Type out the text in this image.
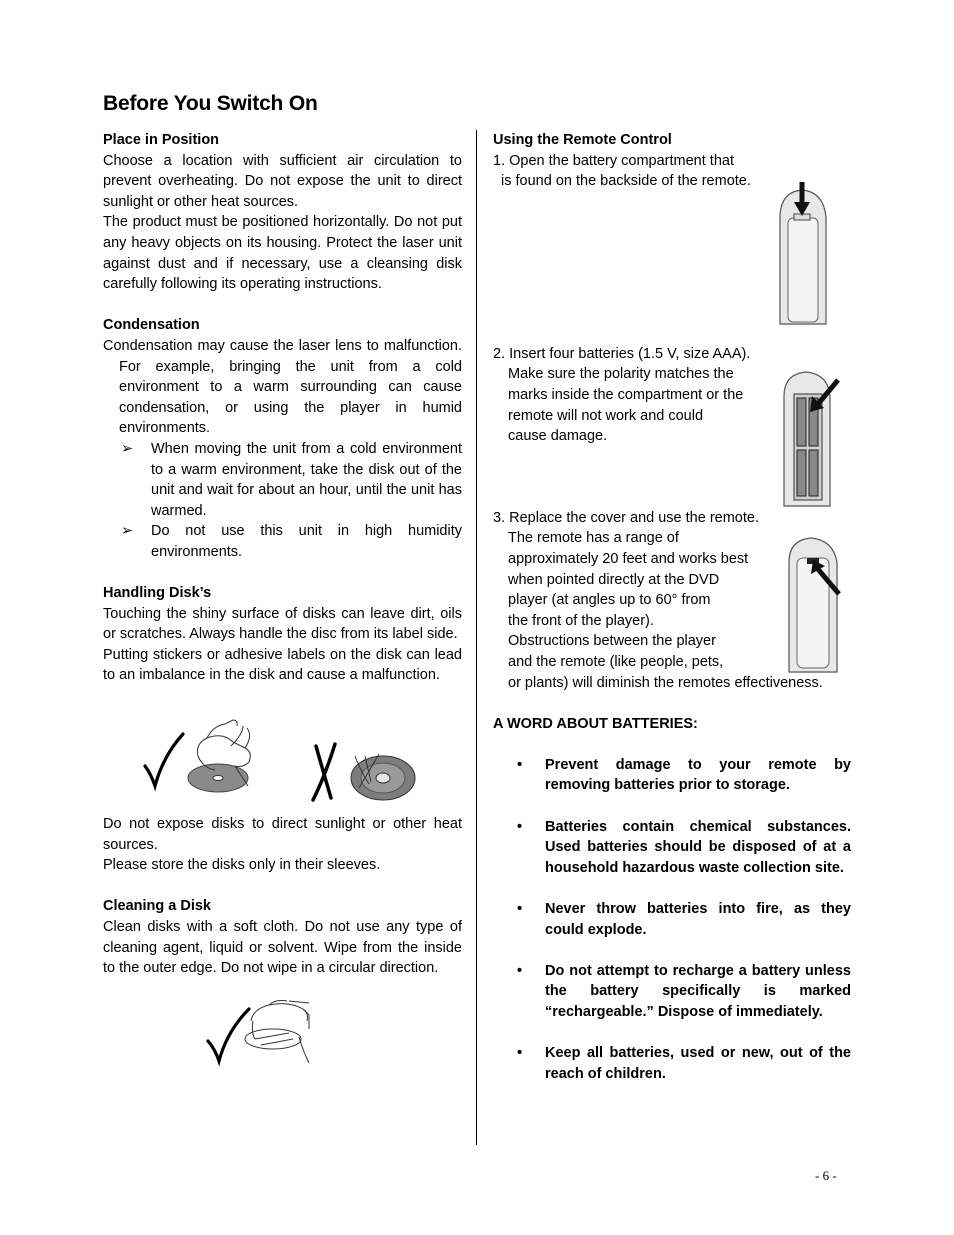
Before You Switch On

Place in Position

Choose a location with sufficient air circulation to prevent overheating. Do not expose the unit to direct sunlight or other heat sources.

The product must be positioned horizontally. Do not put any heavy objects on its housing. Protect the laser unit against dust and if necessary, use a cleansing disk carefully following its operating instructions.

Condensation

Condensation may cause the laser lens to malfunction. For example, bringing the unit from a cold environment to a warm surrounding can cause condensation, or using the player in humid environments.

➢	When moving the unit from a cold environment to a warm environment, take the disk out of the unit and wait for about an hour, until the unit has warmed.
➢	Do not use this unit in high humidity environments.

Handling Disk’s

Touching the shiny surface of disks can leave dirt, oils or scratches. Always handle the disc from its label side.

Putting stickers or adhesive labels on the disk can lead to an imbalance in the disk and cause a malfunction.

Do not expose disks to direct sunlight or other heat sources.

Please store the disks only in their sleeves.

Cleaning a Disk

Clean disks with a soft cloth. Do not use any type of cleaning agent, liquid or solvent. Wipe from the inside to the outer edge. Do not wipe in a circular direction.

Using the Remote Control

1. Open the battery compartment that

is found on the backside of the remote.

2. Insert four batteries (1.5 V, size AAA).

Make sure the polarity matches the

marks inside the compartment or the

remote will not work and could

cause damage.

3. Replace the cover and use the remote.

The remote has a range of

approximately 20 feet and works best

when pointed directly at the DVD

player (at angles up to 60° from

the front of the player).

Obstructions between the player

and the remote (like people, pets,

or plants) will diminish the remotes effectiveness.

A WORD ABOUT BATTERIES:

•	Prevent damage to your remote by removing batteries prior to storage.
•	Batteries contain chemical substances. Used batteries should be disposed of at a household hazardous waste collection site.
•	Never throw batteries into fire, as they could explode.
•	Do not attempt to recharge a battery unless the battery specifically is marked “rechargeable.” Dispose of immediately.
•	Keep all batteries, used or new, out of the reach of children.
- 6 -
